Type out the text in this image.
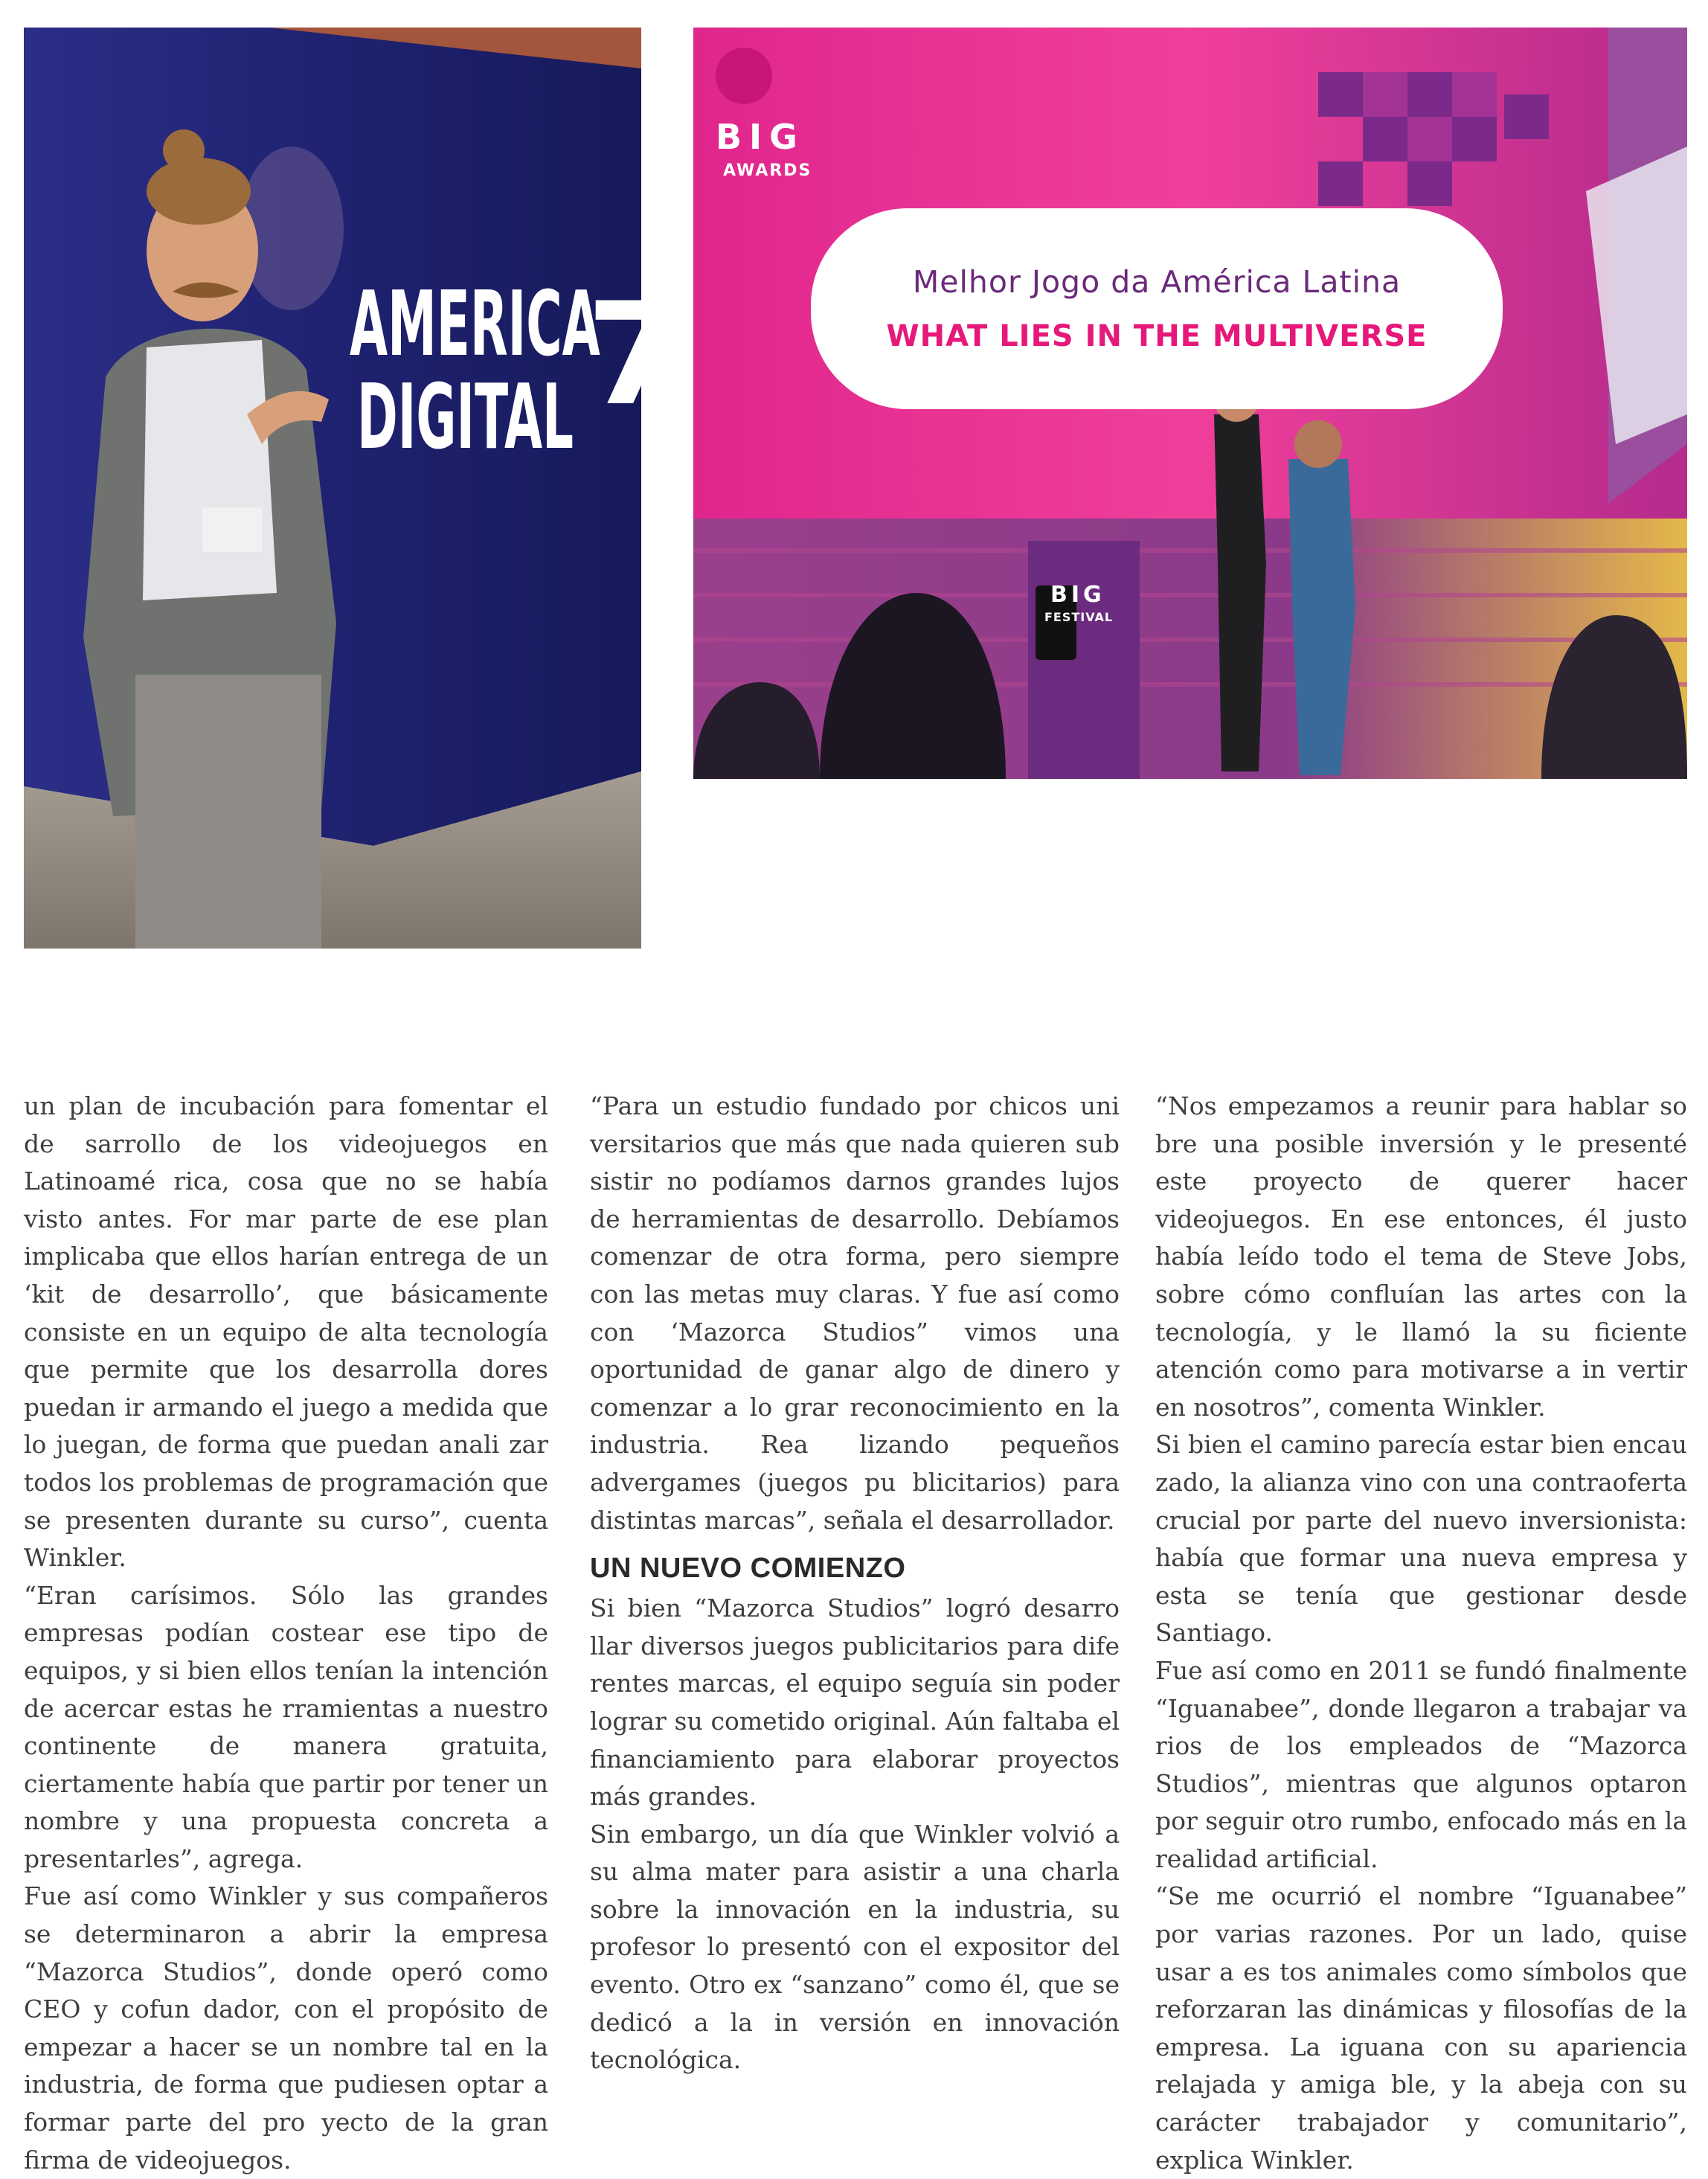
AMERICA
DIGITAL 7
BIG
AWARDS
BIG
FESTIVAL
Melhor Jogo da América Latina
WHAT LIES IN THE MULTIVERSE

un plan de incubación para fomentar el de sarrollo de los videojuegos en Latinoamé rica, cosa que no se había visto antes. For mar parte de ese plan implicaba que ellos harían entrega de un ‘kit de desarrollo’, que básicamente consiste en un equipo de alta tecnología que permite que los desarrolla dores puedan ir armando el juego a medida que lo juegan, de forma que puedan anali zar todos los problemas de programación que se presenten durante su curso”, cuenta Winkler.

“Eran carísimos. Sólo las grandes empresas podían costear ese tipo de equipos, y si bien ellos tenían la intención de acercar estas he rramientas a nuestro continente de manera gratuita, ciertamente había que partir por tener un nombre y una propuesta concreta a presentarles”, agrega.

Fue así como Winkler y sus compañeros se determinaron a abrir la empresa “Mazorca Studios”, donde operó como CEO y cofun dador, con el propósito de empezar a hacer se un nombre tal en la industria, de forma que pudiesen optar a formar parte del pro yecto de la gran firma de videojuegos.

“Para un estudio fundado por chicos uni versitarios que más que nada quieren sub sistir no podíamos darnos grandes lujos de herramientas de desarrollo. Debíamos comenzar de otra forma, pero siempre con las metas muy claras. Y fue así como con ‘Mazorca Studios” vimos una oportunidad de ganar algo de dinero y comenzar a lo grar reconocimiento en la industria. Rea lizando pequeños advergames (juegos pu blicitarios) para distintas marcas”, señala el desarrollador.

UN NUEVO COMIENZO

Si bien “Mazorca Studios” logró desarro llar diversos juegos publicitarios para dife rentes marcas, el equipo seguía sin poder lograr su cometido original. Aún faltaba el financiamiento para elaborar proyectos más grandes.

Sin embargo, un día que Winkler volvió a su alma mater para asistir a una charla sobre la innovación en la industria, su profesor lo presentó con el expositor del evento. Otro ex “sanzano” como él, que se dedicó a la in versión en innovación tecnológica.

“Nos empezamos a reunir para hablar so bre una posible inversión y le presenté este proyecto de querer hacer videojuegos. En ese entonces, él justo había leído todo el tema de Steve Jobs, sobre cómo confluían las artes con la tecnología, y le llamó la su ficiente atención como para motivarse a in vertir en nosotros”, comenta Winkler.

Si bien el camino parecía estar bien encau zado, la alianza vino con una contraoferta crucial por parte del nuevo inversionista: había que formar una nueva empresa y esta se tenía que gestionar desde Santiago.

Fue así como en 2011 se fundó finalmente “Iguanabee”, donde llegaron a trabajar va rios de los empleados de “Mazorca Studios”, mientras que algunos optaron por seguir otro rumbo, enfocado más en la realidad artificial.

“Se me ocurrió el nombre “Iguanabee” por varias razones. Por un lado, quise usar a es tos animales como símbolos que reforzaran las dinámicas y filosofías de la empresa. La iguana con su apariencia relajada y amiga ble, y la abeja con su carácter trabajador y comunitario”, explica Winkler.
